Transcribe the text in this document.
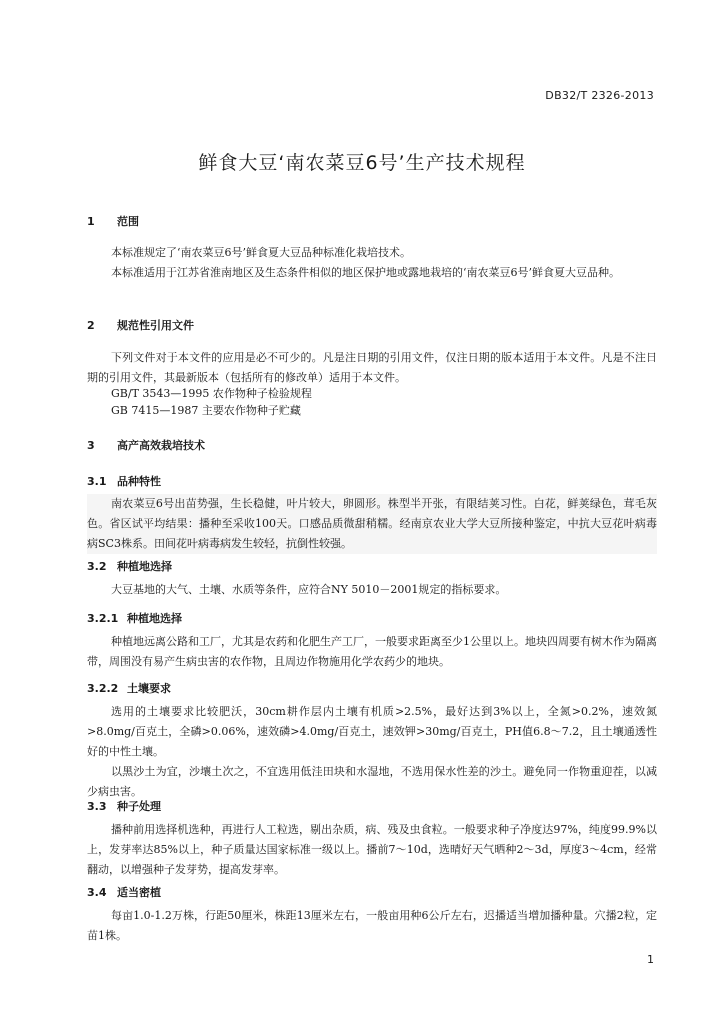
DB32/T 2326-2013
鲜食大豆‘南农菜豆6号’生产技术规程
1 范围
本标准规定了‘南农菜豆6号’鲜食夏大豆品种标准化栽培技术。
本标准适用于江苏省淮南地区及生态条件相似的地区保护地或露地栽培的‘南农菜豆6号’鲜食夏大豆品种。
2 规范性引用文件
下列文件对于本文件的应用是必不可少的。凡是注日期的引用文件，仅注日期的版本适用于本文件。凡是不注日期的引用文件，其最新版本（包括所有的修改单）适用于本文件。
GB/T 3543—1995 农作物种子检验规程
GB 7415—1987 主要农作物种子贮藏
3 高产高效栽培技术
3.1 品种特性
南农菜豆6号出苗势强，生长稳健，叶片较大，卵圆形。株型半开张，有限结荚习性。白花，鲜荚绿色，茸毛灰色。省区试平均结果：播种至采收100天。口感品质微甜稍糯。经南京农业大学大豆所接种鉴定，中抗大豆花叶病毒病SC3株系。田间花叶病毒病发生较轻，抗倒性较强。
3.2 种植地选择
大豆基地的大气、土壤、水质等条件，应符合NY 5010－2001规定的指标要求。
3.2.1 种植地选择
种植地远离公路和工厂，尤其是农药和化肥生产工厂，一般要求距离至少1公里以上。地块四周要有树木作为隔离带，周围没有易产生病虫害的农作物，且周边作物施用化学农药少的地块。
3.2.2 土壤要求
选用的土壤要求比较肥沃，30cm耕作层内土壤有机质>2.5%，最好达到3%以上，全氮>0.2%，速效氮>8.0mg/百克土，全磷>0.06%，速效磷>4.0mg/百克土，速效钾>30mg/百克土，PH值6.8～7.2，且土壤通透性好的中性土壤。
以黑沙土为宜，沙壤土次之，不宜选用低洼田块和水湿地，不选用保水性差的沙土。避免同一作物重迎茬，以减少病虫害。
3.3 种子处理
播种前用选择机选种，再进行人工粒选，剔出杂质，病、残及虫食粒。一般要求种子净度达97%，纯度99.9%以上，发芽率达85%以上，种子质量达国家标准一级以上。播前7～10d，选晴好天气晒种2～3d，厚度3～4cm，经常翻动，以增强种子发芽势，提高发芽率。
3.4 适当密植
每亩1.0-1.2万株，行距50厘米，株距13厘米左右，一般亩用种6公斤左右，迟播适当增加播种量。穴播2粒，定苗1株。
1
